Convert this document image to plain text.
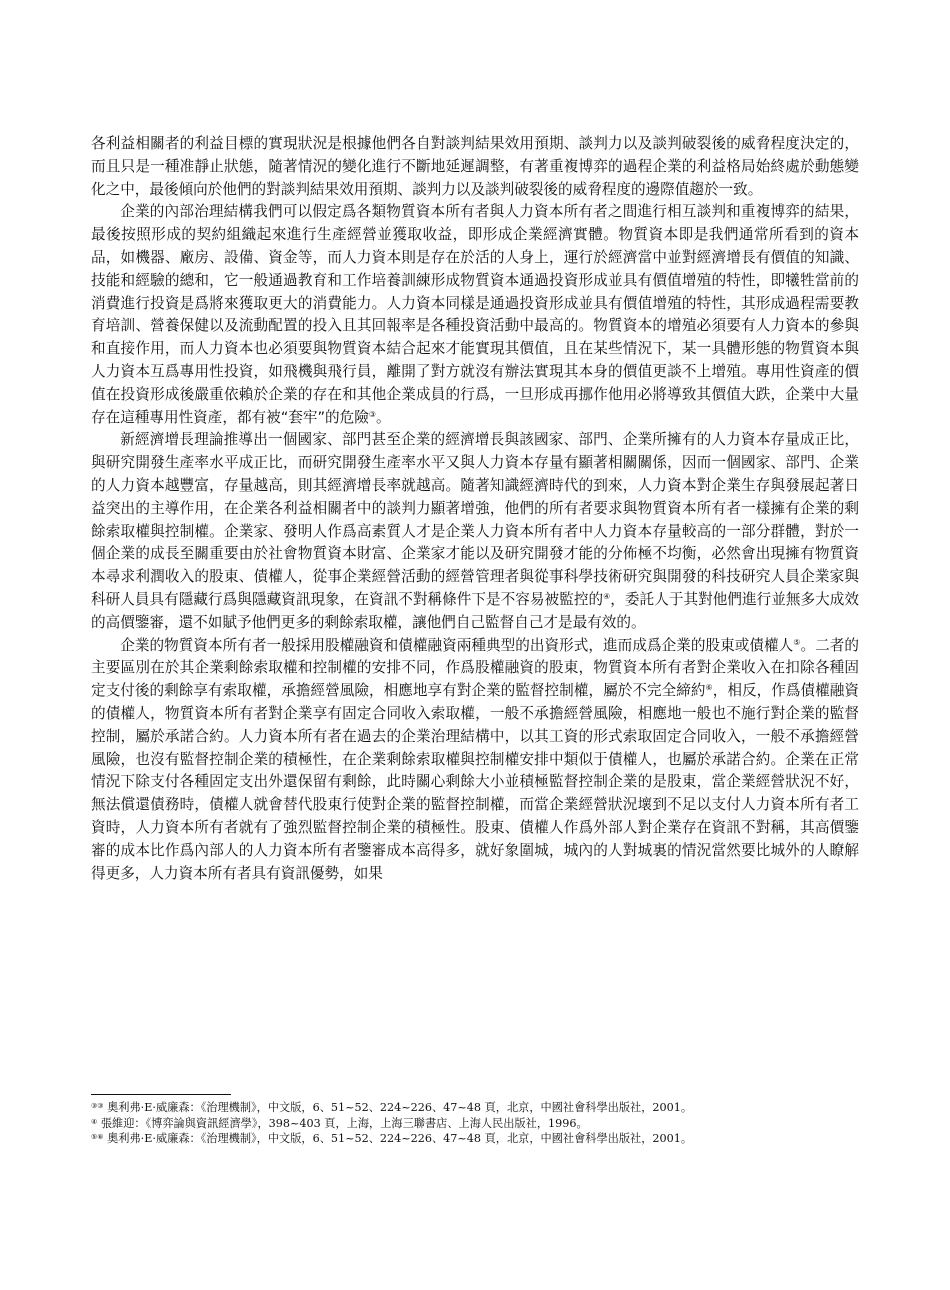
各利益相關者的利益目標的實現狀況是根據他們各自對談判結果效用預期、談判力以及談判破裂後的威脅程度決定的，而且只是一種准靜止狀態，隨著情況的變化進行不斷地延遲調整，有著重複博弈的過程企業的利益格局始終處於動態變化之中，最後傾向於他們的對談判結果效用預期、談判力以及談判破裂後的威脅程度的邊際值趨於一致。

企業的內部治理結構我們可以假定爲各類物質資本所有者與人力資本所有者之間進行相互談判和重複博弈的結果，最後按照形成的契約組織起來進行生產經營並獲取收益，即形成企業經濟實體。物質資本即是我們通常所看到的資本品，如機器、廠房、設備、資金等，而人力資本則是存在於活的人身上，運行於經濟當中並對經濟增長有價值的知識、技能和經驗的總和，它一般通過教育和工作培養訓練形成物質資本通過投資形成並具有價值增殖的特性，即犧牲當前的消費進行投資是爲將來獲取更大的消費能力。人力資本同樣是通過投資形成並具有價值增殖的特性，其形成過程需要教育培訓、營養保健以及流動配置的投入且其回報率是各種投資活動中最高的。物質資本的增殖必須要有人力資本的參與和直接作用，而人力資本也必須要與物質資本結合起來才能實現其價值，且在某些情況下，某一具體形態的物質資本與人力資本互爲專用性投資，如飛機與飛行員，離開了對方就沒有辦法實現其本身的價值更談不上增殖。專用性資產的價值在投資形成後嚴重依賴於企業的存在和其他企業成員的行爲，一旦形成再挪作他用必將導致其價值大跌，企業中大量存在這種專用性資產，都有被“套牢”的危險③。

新經濟增長理論推導出一個國家、部門甚至企業的經濟增長與該國家、部門、企業所擁有的人力資本存量成正比，與研究開發生產率水平成正比，而研究開發生產率水平又與人力資本存量有顯著相關關係，因而一個國家、部門、企業的人力資本越豐富，存量越高，則其經濟增長率就越高。隨著知識經濟時代的到來，人力資本對企業生存與發展起著日益突出的主導作用，在企業各利益相關者中的談判力顯著增強，他們的所有者要求與物質資本所有者一樣擁有企業的剩餘索取權與控制權。企業家、發明人作爲高素質人才是企業人力資本所有者中人力資本存量較高的一部分群體，對於一個企業的成長至關重要由於社會物質資本財富、企業家才能以及研究開發才能的分佈極不均衡，必然會出現擁有物質資本尋求利潤收入的股東、債權人，從事企業經營活動的經營管理者與從事科學技術研究與開發的科技研究人員企業家與科研人員具有隱藏行爲與隱藏資訊現象，在資訊不對稱條件下是不容易被監控的④，委託人于其對他們進行並無多大成效的高價鑒審，還不如賦予他們更多的剩餘索取權，讓他們自己監督自己才是最有效的。

企業的物質資本所有者一般採用股權融資和債權融資兩種典型的出資形式，進而成爲企業的股東或債權人⑤。二者的主要區別在於其企業剩餘索取權和控制權的安排不同，作爲股權融資的股東，物質資本所有者對企業收入在扣除各種固定支付後的剩餘享有索取權，承擔經營風險，相應地享有對企業的監督控制權，屬於不完全締約⑥，相反，作爲債權融資的債權人，物質資本所有者對企業享有固定合同收入索取權，一般不承擔經營風險，相應地一般也不施行對企業的監督控制，屬於承諾合約。人力資本所有者在過去的企業治理結構中，以其工資的形式索取固定合同收入，一般不承擔經營風險，也沒有監督控制企業的積極性，在企業剩餘索取權與控制權安排中類似于債權人，也屬於承諾合約。企業在正常情況下除支付各種固定支出外還保留有剩餘，此時關心剩餘大小並積極監督控制企業的是股東，當企業經營狀況不好，無法償還債務時，債權人就會替代股東行使對企業的監督控制權，而當企業經營狀況壞到不足以支付人力資本所有者工資時，人力資本所有者就有了強烈監督控制企業的積極性。股東、債權人作爲外部人對企業存在資訊不對稱，其高價鑒審的成本比作爲內部人的人力資本所有者鑒審成本高得多，就好象圍城，城內的人對城裏的情況當然要比城外的人瞭解得更多，人力資本所有者具有資訊優勢，如果

③③ 奧利弗·E·威廉森：《治理機制》，中文版，6、51~52、224~226、47~48 頁，北京，中國社會科學出版社，2001。

④ 張維迎：《博弈論與資訊經濟學》，398~403 頁，上海，上海三聯書店、上海人民出版社，1996。

⑤⑥ 奧利弗·E·威廉森：《治理機制》，中文版，6、51~52、224~226、47~48 頁，北京，中國社會科學出版社，2001。
